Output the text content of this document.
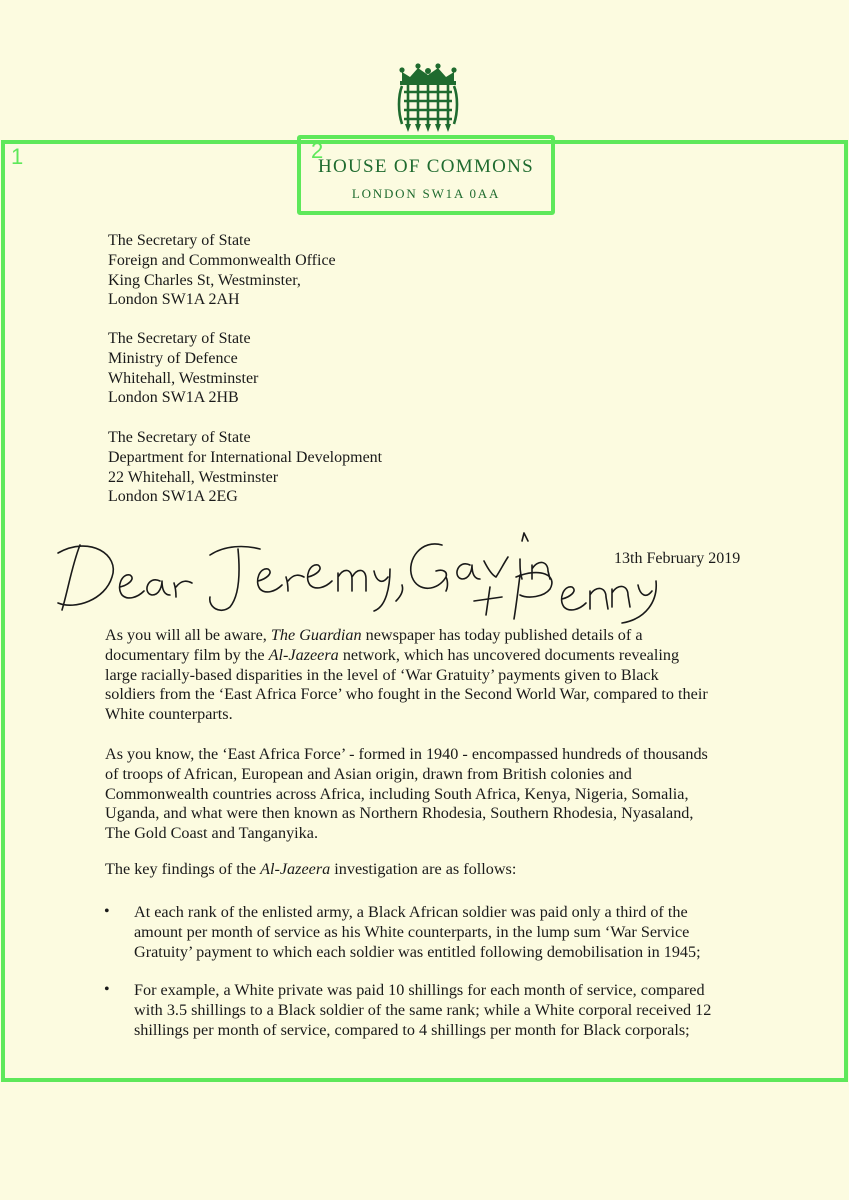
1	2
HOUSE OF COMMONS
LONDON SW1A 0AA
The Secretary of State
Foreign and Commonwealth Office
King Charles St, Westminster,
London SW1A 2AH
The Secretary of State
Ministry of Defence
Whitehall, Westminster
London SW1A 2HB
The Secretary of State
Department for International Development
22 Whitehall, Westminster
London SW1A 2EG
13th February 2019
As you will all be aware, The Guardian newspaper has today published details of a
documentary film by the Al-Jazeera network, which has uncovered documents revealing
large racially-based disparities in the level of ‘War Gratuity’ payments given to Black
soldiers from the ‘East Africa Force’ who fought in the Second World War, compared to their
White counterparts.
As you know, the ‘East Africa Force’ - formed in 1940 - encompassed hundreds of thousands
of troops of African, European and Asian origin, drawn from British colonies and
Commonwealth countries across Africa, including South Africa, Kenya, Nigeria, Somalia,
Uganda, and what were then known as Northern Rhodesia, Southern Rhodesia, Nyasaland,
The Gold Coast and Tanganyika.
The key findings of the Al-Jazeera investigation are as follows:
• At each rank of the enlisted army, a Black African soldier was paid only a third of the
amount per month of service as his White counterparts, in the lump sum ‘War Service
Gratuity’ payment to which each soldier was entitled following demobilisation in 1945;
• For example, a White private was paid 10 shillings for each month of service, compared
with 3.5 shillings to a Black soldier of the same rank; while a White corporal received 12
shillings per month of service, compared to 4 shillings per month for Black corporals;
